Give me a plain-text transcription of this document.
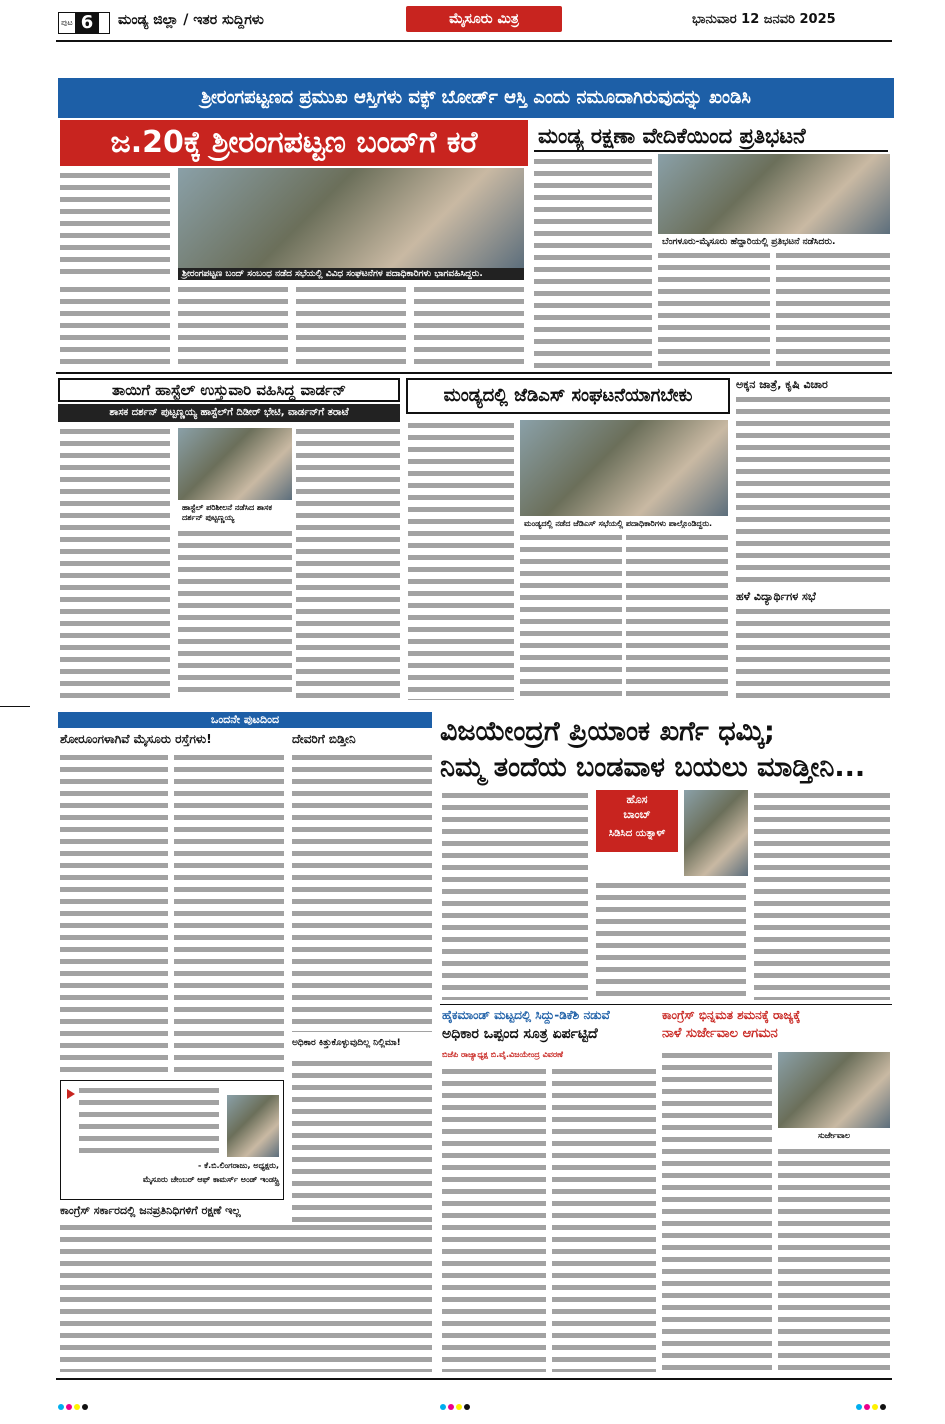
ಪುಟ 6	ಮಂಡ್ಯ ಜಿಲ್ಲಾ / ಇತರ ಸುದ್ದಿಗಳು	ಮೈಸೂರು ಮಿತ್ರ	ಭಾನುವಾರ 12 ಜನವರಿ 2025
ಶ್ರೀರಂಗಪಟ್ಟಣದ ಪ್ರಮುಖ ಆಸ್ತಿಗಳು ವಕ್ಫ್ ಬೋರ್ಡ್ ಆಸ್ತಿ ಎಂದು ನಮೂದಾಗಿರುವುದನ್ನು ಖಂಡಿಸಿ
ಜ.20ಕ್ಕೆ ಶ್ರೀರಂಗಪಟ್ಟಣ ಬಂದ್‌ಗೆ ಕರೆ
ಶ್ರೀರಂಗಪಟ್ಟಣ ಬಂದ್ ಸಂಬಂಧ ನಡೆದ ಸಭೆಯಲ್ಲಿ ವಿವಿಧ ಸಂಘಟನೆಗಳ ಪದಾಧಿಕಾರಿಗಳು ಭಾಗವಹಿಸಿದ್ದರು.
ಮಂಡ್ಯ ರಕ್ಷಣಾ ವೇದಿಕೆಯಿಂದ ಪ್ರತಿಭಟನೆ
ಬೆಂಗಳೂರು-ಮೈಸೂರು ಹೆದ್ದಾರಿಯಲ್ಲಿ ಪ್ರತಿಭಟನೆ ನಡೆಸಿದರು.
ತಾಯಿಗೆ ಹಾಸ್ಟೆಲ್ ಉಸ್ತುವಾರಿ ವಹಿಸಿದ್ದ ವಾರ್ಡನ್
ಶಾಸಕ ದರ್ಶನ್ ಪುಟ್ಟಣ್ಣಯ್ಯ ಹಾಸ್ಟೆಲ್‌ಗೆ ದಿಡೀರ್ ಭೇಟಿ, ವಾರ್ಡನ್‌ಗೆ ತರಾಟೆ
ಹಾಸ್ಟೆಲ್ ಪರಿಶೀಲನೆ ನಡೆಸಿದ ಶಾಸಕ ದರ್ಶನ್ ಪುಟ್ಟಣ್ಣಯ್ಯ
ಮಂಡ್ಯದಲ್ಲಿ ಜೆಡಿಎಸ್ ಸಂಘಟನೆಯಾಗಬೇಕು
ಮಂಡ್ಯದಲ್ಲಿ ನಡೆದ ಜೆಡಿಎಸ್ ಸಭೆಯಲ್ಲಿ ಪದಾಧಿಕಾರಿಗಳು ಪಾಲ್ಗೊಂಡಿದ್ದರು.
ಅಕ್ಕನ ಜಾತ್ರೆ, ಕೃಷಿ ವಿಚಾರ
ಹಳೆ ವಿದ್ಯಾರ್ಥಿಗಳ ಸಭೆ
ಒಂದನೇ ಪುಟದಿಂದ
ಶೋರೂಂಗಳಾಗಿವೆ ಮೈಸೂರು ರಸ್ತೆಗಳು!	ದೇವರಿಗೆ ಬಿಡ್ತೀನಿ
ಅಧಿಕಾರ ಕಿತ್ತುಕೊಳ್ಳುವುದಿಲ್ಲ ನಿಲ್ಲಿಮಾ!
- ಕೆ.ಬಿ.ಲಿಂಗರಾಜು, ಅಧ್ಯಕ್ಷರು,
ಮೈಸೂರು ಚೇಂಬರ್ ಆಫ್ ಕಾಮರ್ಸ್ ಅಂಡ್ ಇಂಡಸ್ಟ್ರಿ
ಕಾಂಗ್ರೆಸ್ ಸರ್ಕಾರದಲ್ಲಿ ಜನಪ್ರತಿನಿಧಿಗಳಿಗೆ ರಕ್ಷಣೆ ಇಲ್ಲ
ವಿಜಯೇಂದ್ರಗೆ ಪ್ರಿಯಾಂಕ ಖರ್ಗೆ ಧಮ್ಕಿ;
ನಿಮ್ಮ ತಂದೆಯ ಬಂಡವಾಳ ಬಯಲು ಮಾಡ್ತೀನಿ...
ಹೊಸ
ಬಾಂಬ್
ಸಿಡಿಸಿದ ಯತ್ನಾಳ್
ಹೈಕಮಾಂಡ್ ಮಟ್ಟದಲ್ಲಿ ಸಿದ್ದು-ಡಿಕೆಶಿ ನಡುವೆ
ಅಧಿಕಾರ ಒಪ್ಪಂದ ಸೂತ್ರ ಏರ್ಪಟ್ಟಿದೆ
ಬಿಜೆಪಿ ರಾಜ್ಯಾಧ್ಯಕ್ಷ ಬಿ.ವೈ.ವಿಜಯೇಂದ್ರ ವಿವರಣೆ
ಕಾಂಗ್ರೆಸ್ ಭಿನ್ನಮತ ಶಮನಕ್ಕೆ ರಾಜ್ಯಕ್ಕೆ
ನಾಳೆ ಸುರ್ಜೇವಾಲ ಆಗಮನ
ಸುರ್ಜೇವಾಲ
